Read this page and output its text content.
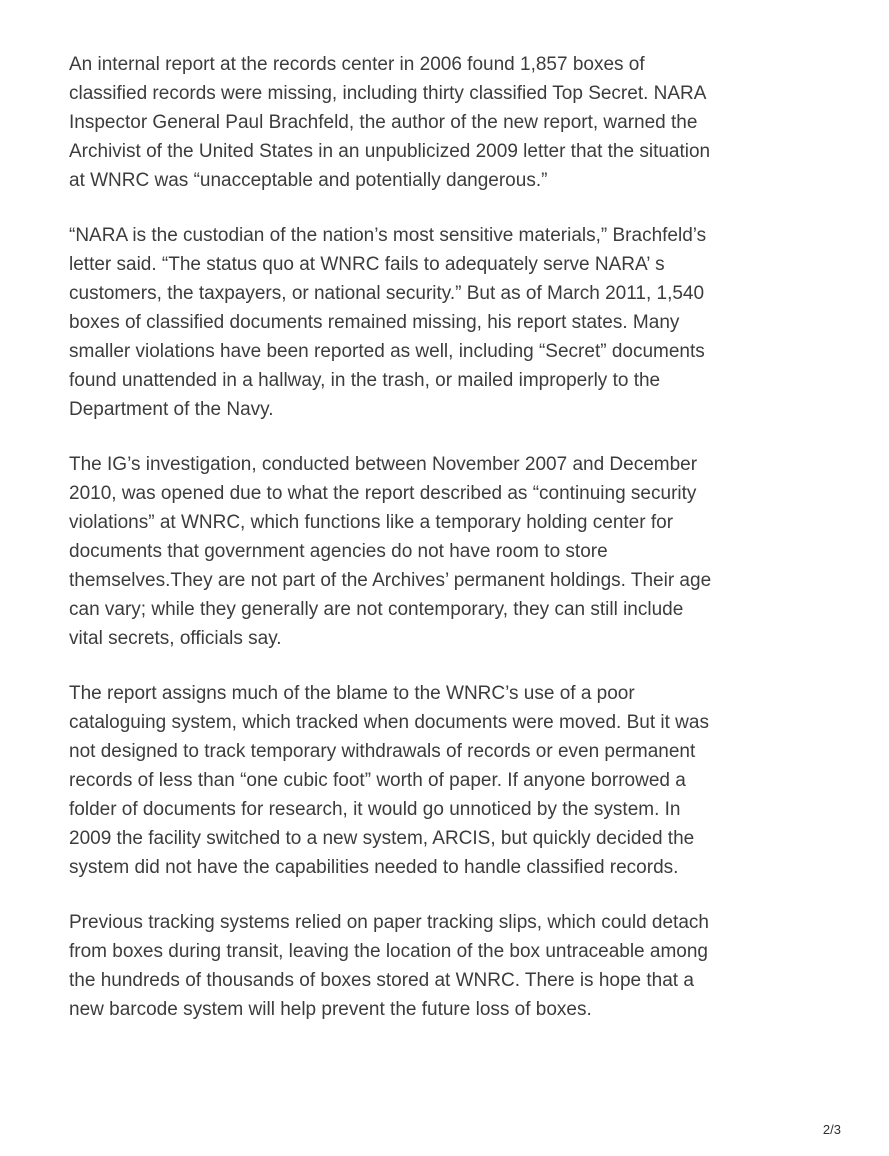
An internal report at the records center in 2006 found 1,857 boxes of
classified records were missing, including thirty classified Top Secret. NARA
Inspector General Paul Brachfeld, the author of the new report, warned the
Archivist of the United States in an unpublicized 2009 letter that the situation
at WNRC was “unacceptable and potentially dangerous.”

“NARA is the custodian of the nation’s most sensitive materials,” Brachfeld’s
letter said. “The status quo at WNRC fails to adequately serve NARA’ s
customers, the taxpayers, or national security.” But as of March 2011, 1,540
boxes of classified documents remained missing, his report states. Many
smaller violations have been reported as well, including “Secret” documents
found unattended in a hallway, in the trash, or mailed improperly to the
Department of the Navy.

The IG’s investigation, conducted between November 2007 and December
2010, was opened due to what the report described as “continuing security
violations” at WNRC, which functions like a temporary holding center for
documents that government agencies do not have room to store
themselves.They are not part of the Archives’ permanent holdings. Their age
can vary; while they generally are not contemporary, they can still include
vital secrets, officials say.

The report assigns much of the blame to the WNRC’s use of a poor
cataloguing system, which tracked when documents were moved. But it was
not designed to track temporary withdrawals of records or even permanent
records of less than “one cubic foot” worth of paper. If anyone borrowed a
folder of documents for research, it would go unnoticed by the system. In
2009 the facility switched to a new system, ARCIS, but quickly decided the
system did not have the capabilities needed to handle classified records.

Previous tracking systems relied on paper tracking slips, which could detach
from boxes during transit, leaving the location of the box untraceable among
the hundreds of thousands of boxes stored at WNRC. There is hope that a
new barcode system will help prevent the future loss of boxes.

2/3
